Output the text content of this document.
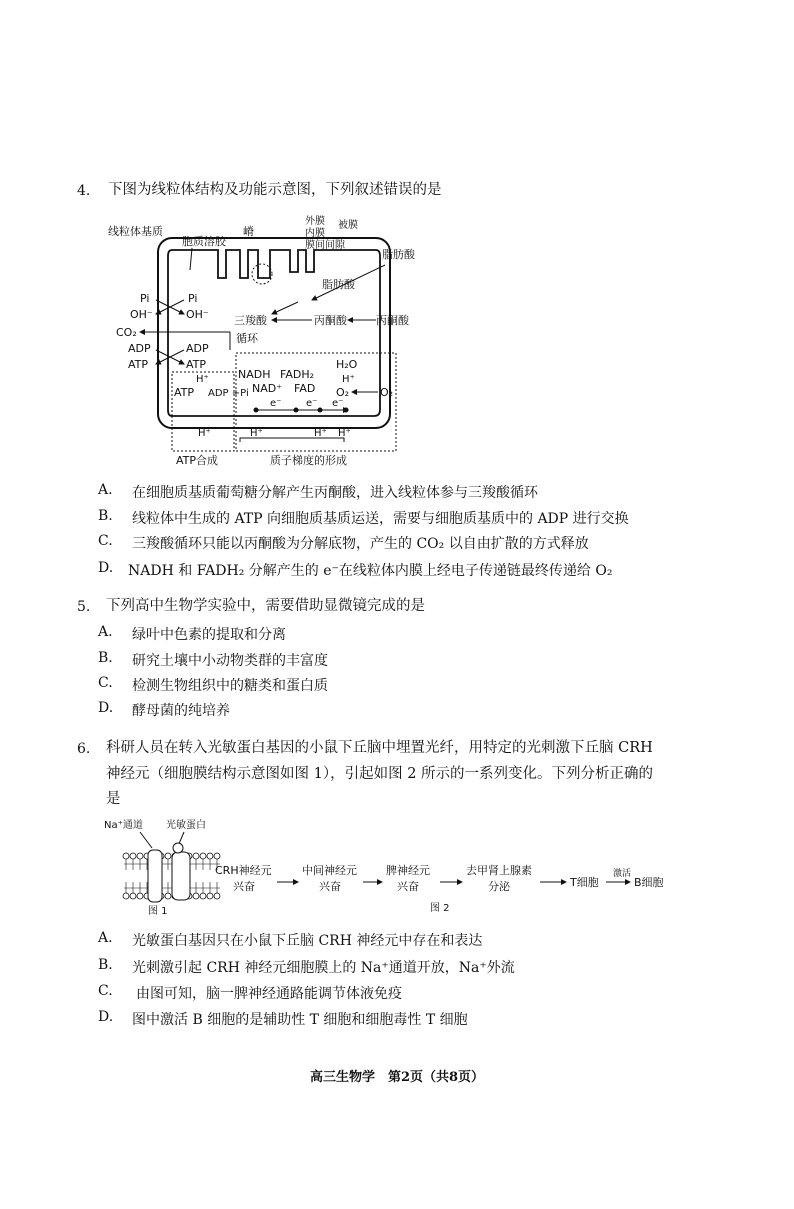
4. 下图为线粒体结构及功能示意图，下列叙述错误的是
线粒体基质
胞质溶胶
嵴
外膜
内膜
被膜
膜间间隙
脂肪酸
脂肪酸
三羧酸
循环
丙酮酸	丙酮酸
Pi	Pi
OH⁻	OH⁻
CO₂
ADP	ADP
ATP	ATP
NADH FADH₂
NAD⁺ FAD
H₂O
H⁺
O₂	O₂
ATP
H⁺
ADP +Pi
e⁻ e⁻ e⁻
H⁺	H⁺ H⁺
H⁺
ATP合成	质子梯度的形成
A. 在细胞质基质葡萄糖分解产生丙酮酸，进入线粒体参与三羧酸循环
B. 线粒体中生成的 ATP 向细胞质基质运送，需要与细胞质基质中的 ADP 进行交换
C. 三羧酸循环只能以丙酮酸为分解底物，产生的 CO₂ 以自由扩散的方式释放
D. NADH 和 FADH₂ 分解产生的 e⁻在线粒体内膜上经电子传递链最终传递给 O₂
5. 下列高中生物学实验中，需要借助显微镜完成的是
A. 绿叶中色素的提取和分离
B. 研究土壤中小动物类群的丰富度
C. 检测生物组织中的糖类和蛋白质
D. 酵母菌的纯培养
6. 科研人员在转入光敏蛋白基因的小鼠下丘脑中埋置光纤，用特定的光刺激下丘脑 CRH
神经元（细胞膜结构示意图如图 1），引起如图 2 所示的一系列变化。下列分析正确的
是
Na⁺通道 光敏蛋白
图 1
CRH神经元
兴奋
中间神经元
兴奋
脾神经元
兴奋
去甲肾上腺素
分泌
图 2
T细胞
激活
B细胞
A. 光敏蛋白基因只在小鼠下丘脑 CRH 神经元中存在和表达
B. 光刺激引起 CRH 神经元细胞膜上的 Na⁺通道开放，Na⁺外流
C. 由图可知，脑一脾神经通路能调节体液免疫
D. 图中激活 B 细胞的是辅助性 T 细胞和细胞毒性 T 细胞
高三生物学　第2页（共8页）
